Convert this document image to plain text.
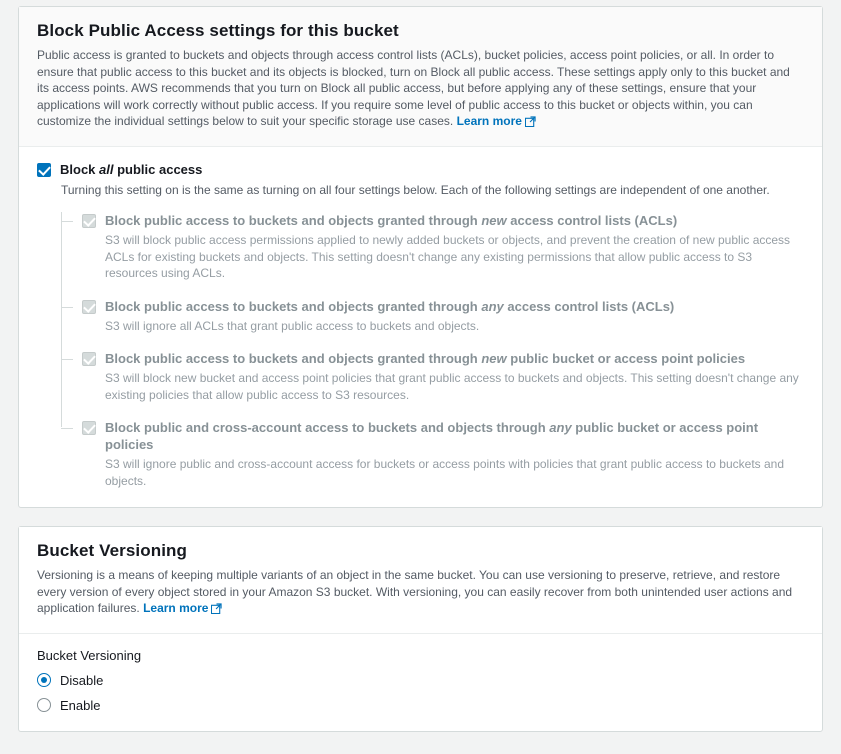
Block Public Access settings for this bucket

Public access is granted to buckets and objects through access control lists (ACLs), bucket policies, access point policies, or all. In order to ensure that public access to this bucket and its objects is blocked, turn on Block all public access. These settings apply only to this bucket and its access points. AWS recommends that you turn on Block all public access, but before applying any of these settings, ensure that your applications will work correctly without public access. If you require some level of public access to this bucket or objects within, you can customize the individual settings below to suit your specific storage use cases. Learn more

Block all public access

Turning this setting on is the same as turning on all four settings below. Each of the following settings are independent of one another.

Block public access to buckets and objects granted through new access control lists (ACLs)

S3 will block public access permissions applied to newly added buckets or objects, and prevent the creation of new public access ACLs for existing buckets and objects. This setting doesn't change any existing permissions that allow public access to S3 resources using ACLs.

Block public access to buckets and objects granted through any access control lists (ACLs)

S3 will ignore all ACLs that grant public access to buckets and objects.

Block public access to buckets and objects granted through new public bucket or access point policies

S3 will block new bucket and access point policies that grant public access to buckets and objects. This setting doesn't change any existing policies that allow public access to S3 resources.

Block public and cross-account access to buckets and objects through any public bucket or access point policies

S3 will ignore public and cross-account access for buckets or access points with policies that grant public access to buckets and objects.

Bucket Versioning

Versioning is a means of keeping multiple variants of an object in the same bucket. You can use versioning to preserve, retrieve, and restore every version of every object stored in your Amazon S3 bucket. With versioning, you can easily recover from both unintended user actions and application failures. Learn more

Bucket Versioning

Disable
Enable
